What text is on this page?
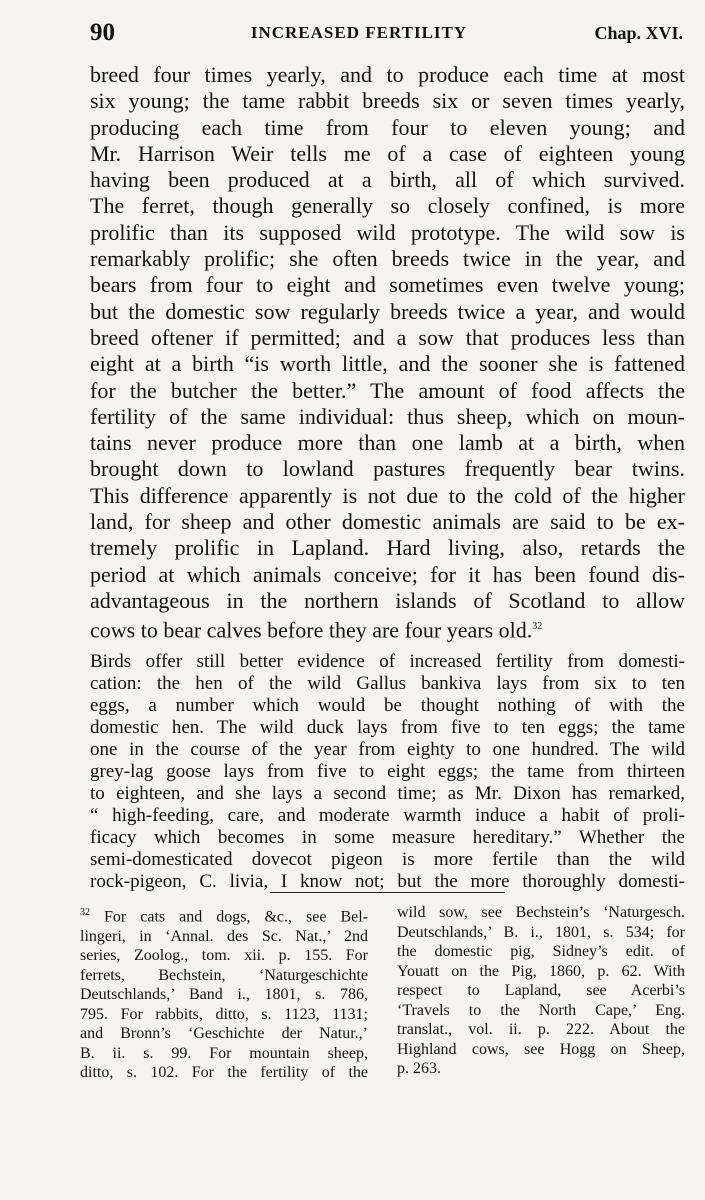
90	INCREASED FERTILITY	Chap. XVI.
breed four times yearly, and to produce each time at most
six young; the tame rabbit breeds six or seven times yearly,
producing each time from four to eleven young; and
Mr. Harrison Weir tells me of a case of eighteen young
having been produced at a birth, all of which survived.
The ferret, though generally so closely confined, is more
prolific than its supposed wild prototype. The wild sow is
remarkably prolific; she often breeds twice in the year, and
bears from four to eight and sometimes even twelve young;
but the domestic sow regularly breeds twice a year, and would
breed oftener if permitted; and a sow that produces less than
eight at a birth “is worth little, and the sooner she is fattened
for the butcher the better.” The amount of food affects the
fertility of the same individual: thus sheep, which on moun-
tains never produce more than one lamb at a birth, when
brought down to lowland pastures frequently bear twins.
This difference apparently is not due to the cold of the higher
land, for sheep and other domestic animals are said to be ex-
tremely prolific in Lapland. Hard living, also, retards the
period at which animals conceive; for it has been found dis-
advantageous in the northern islands of Scotland to allow
cows to bear calves before they are four years old.$^{32}$
Birds offer still better evidence of increased fertility from domesti-
cation: the hen of the wild Gallus bankiva lays from six to ten
eggs, a number which would be thought nothing of with the
domestic hen. The wild duck lays from five to ten eggs; the tame
one in the course of the year from eighty to one hundred. The wild
grey-lag goose lays from five to eight eggs; the tame from thirteen
to eighteen, and she lays a second time; as Mr. Dixon has remarked,
“ high-feeding, care, and moderate warmth induce a habit of proli-
ficacy which becomes in some measure hereditary.” Whether the
semi-domesticated dovecot pigeon is more fertile than the wild
rock-pigeon, C. livia, I know not; but the more thoroughly domesti-
$^{32}$ For cats and dogs, &c., see Bel-
lingeri, in ‘Annal. des Sc. Nat.,’ 2nd
series, Zoolog., tom. xii. p. 155. For
ferrets, Bechstein, ‘Naturgeschichte
Deutschlands,’ Band i., 1801, s. 786,
795. For rabbits, ditto, s. 1123, 1131;
and Bronn’s ‘Geschichte der Natur.,’
B. ii. s. 99. For mountain sheep,
ditto, s. 102. For the fertility of the
wild sow, see Bechstein’s ‘Naturgesch.
Deutschlands,’ B. i., 1801, s. 534; for
the domestic pig, Sidney’s edit. of
Youatt on the Pig, 1860, p. 62. With
respect to Lapland, see Acerbi’s
‘Travels to the North Cape,’ Eng.
translat., vol. ii. p. 222. About the
Highland cows, see Hogg on Sheep,
p. 263.
